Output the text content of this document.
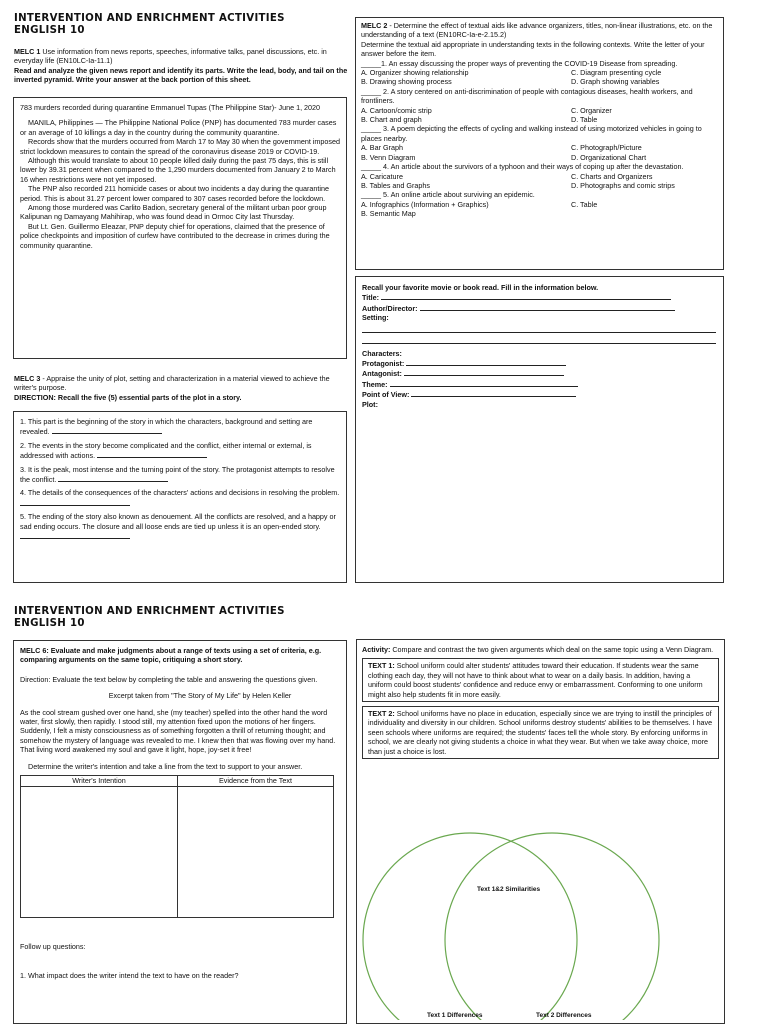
INTERVENTION AND ENRICHMENT ACTIVITIES
ENGLISH 10

MELC 1 Use information from news reports, speeches, informative talks, panel discussions, etc. in everyday life (EN10LC-Ia-11.1)

Read and analyze the given news report and identify its parts. Write the lead, body, and tail on the inverted pyramid. Write your answer at the back portion of this sheet.

783 murders recorded during quarantine Emmanuel Tupas (The Philippine Star)- June 1, 2020

MANILA, Philippines — The Philippine National Police (PNP) has documented 783 murder cases or an average of 10 killings a day in the country during the community quarantine.

Records show that the murders occurred from March 17 to May 30 when the government imposed strict lockdown measures to contain the spread of the coronavirus disease 2019 or COVID-19.

Although this would translate to about 10 people killed daily during the past 75 days, this is still lower by 39.31 percent when compared to the 1,290 murders documented from January 2 to March 16 when restrictions were not yet imposed.

The PNP also recorded 211 homicide cases or about two incidents a day during the quarantine period. This is about 31.27 percent lower compared to 307 cases recorded before the lockdown.

Among those murdered was Carlito Badion, secretary general of the militant urban poor group Kalipunan ng Damayang Mahihirap, who was found dead in Ormoc City last Thursday.

But Lt. Gen. Guillermo Eleazar, PNP deputy chief for operations, claimed that the presence of police checkpoints and imposition of curfew have contributed to the decrease in crimes during the community quarantine.

MELC 3 - Appraise the unity of plot, setting and characterization in a material viewed to achieve the writer's purpose.

DIRECTION: Recall the five (5) essential parts of the plot in a story.

1. This part is the beginning of the story in which the characters, background and setting are revealed.

2. The events in the story become complicated and the conflict, either internal or external, is addressed with actions.

3. It is the peak, most intense and the turning point of the story. The protagonist attempts to resolve the conflict.

4. The details of the consequences of the characters' actions and decisions in resolving the problem.

5. The ending of the story also known as denouement. All the conflicts are resolved, and a happy or sad ending occurs. The closure and all loose ends are tied up unless it is an open-ended story.

MELC 2 - Determine the effect of textual aids like advance organizers, titles, non-linear illustrations, etc. on the understanding of a text (EN10RC-Ia-e-2.15.2)

Determine the textual aid appropriate in understanding texts in the following contexts. Write the letter of your answer before the item.

_____1. An essay discussing the proper ways of preventing the COVID-19 Disease from spreading.

A. Organizer showing relationship	C. Diagram presenting cycle
B. Drawing showing process	D. Graph showing variables

_____ 2. A story centered on anti-discrimination of people with contagious diseases, health workers, and frontliners.

A. Cartoon/comic strip	C. Organizer
B. Chart and graph	D. Table

_____ 3. A poem depicting the effects of cycling and walking instead of using motorized vehicles in going to places nearby.

A. Bar Graph	C. Photograph/Picture
B. Venn Diagram	D. Organizational Chart

_____ 4. An article about the survivors of a typhoon and their ways of coping up after the devastation.

A. Caricature	C. Charts and Organizers
B. Tables and Graphs	D. Photographs and comic strips

_____ 5. An online article about surviving an epidemic.

A. Infographics (Information + Graphics)	C. Table
B. Semantic Map

Recall your favorite movie or book read. Fill in the information below.

Title:

Author/Director:

Setting:

Characters:

Protagonist:

Antagonist:

Theme:

Point of View:

Plot:

INTERVENTION AND ENRICHMENT ACTIVITIES
ENGLISH 10

MELC 6: Evaluate and make judgments about a range of texts using a set of criteria, e.g. comparing arguments on the same topic, critiquing a short story.

Direction: Evaluate the text below by completing the table and answering the questions given.

Excerpt taken from "The Story of My Life" by Helen Keller

As the cool stream gushed over one hand, she (my teacher) spelled into the other hand the word water, first slowly, then rapidly. I stood still, my attention fixed upon the motions of her fingers. Suddenly, I felt a misty consciousness as of something forgotten a thrill of returning thought; and somehow the mystery of language was revealed to me. I knew then that was flowing over my hand. That living word awakened my soul and gave it light, hope, joy-set it free!

Determine the writer's intention and take a line from the text to support to your answer.

Writer's Intention	Evidence from the Text

Follow up questions:

1. What impact does the writer intend the text to have on the reader?

Activity: Compare and contrast the two given arguments which deal on the same topic using a Venn Diagram.

TEXT 1: School uniform could alter students' attitudes toward their education. If students wear the same clothing each day, they will not have to think about what to wear on a daily basis. In addition, having a uniform could boost students' confidence and reduce envy or embarrassment. Conforming to one uniform might also help students fit in more easily.

TEXT 2: School uniforms have no place in education, especially since we are trying to instill the principles of individuality and diversity in our children. School uniforms destroy students' abilities to be themselves. I have seen schools where uniforms are required; the students' faces tell the whole story. By enforcing uniforms in school, we are clearly not giving students a choice in what they wear. But when we take away choice, more than just a choice is lost.

Text 1&2 Similarities
Text 1 Differences	Text 2 Differences
